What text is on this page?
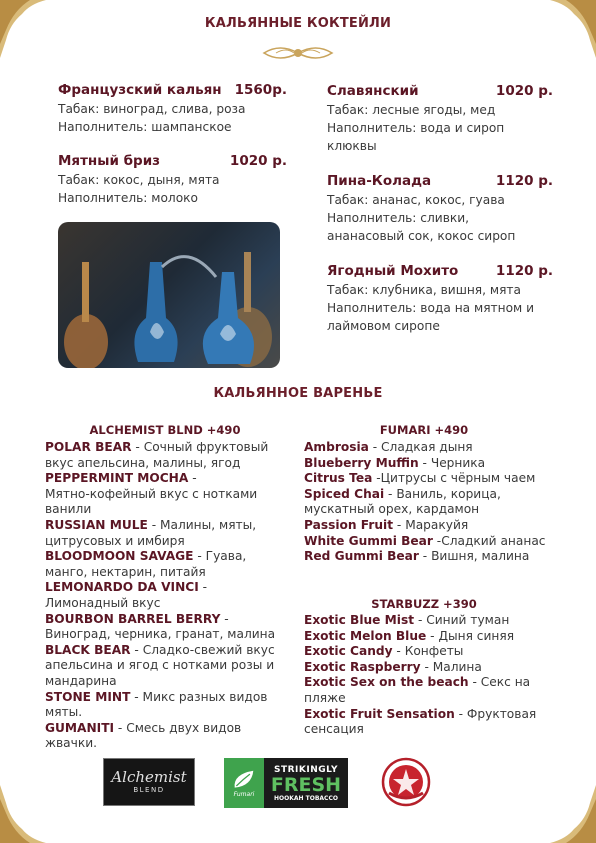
КАЛЬЯННЫЕ КОКТЕЙЛИ
Французский кальян 1560р.
Табак: виноград, слива, роза
Наполнитель: шампанское
Мятный бриз	1020 р.
Табак: кокос, дыня, мята
Наполнитель: молоко
Славянский	1020 р.
Табак: лесные ягоды, мед
Наполнитель: вода и сироп
клюквы
Пина-Колада	1120 р.
Табак: ананас, кокос, гуава
Наполнитель: сливки,
ананасовый сок, кокос сироп
Ягодный Мохито	1120 р.
Табак: клубника, вишня, мята
Наполнитель: вода на мятном и
лаймовом сиропе
КАЛЬЯННОЕ ВАРЕНЬЕ
ALCHEMIST BLND +490	FUMARI +490
STARBUZZ +390
POLAR BEAR - Сочный фруктовый
вкус апельсина, малины, ягод
PEPPERMINT MOCHA -
Мятно-кофейный вкус с нотками
ванили
RUSSIAN MULE - Малины, мяты,
цитрусовых и имбиря
BLOODMOON SAVAGE - Гуава,
манго, нектарин, питайя
LEMONARDO DA VINCI -
Лимонадный вкус
BOURBON BARREL BERRY -
Виноград, черника, гранат, малина
BLACK BEAR - Сладко-свежий вкус
апельсина и ягод с нотками розы и
мандарина
STONE MINT - Микс разных видов
мяты.
GUMANITI - Смесь двух видов
жвачки.
Ambrosia - Сладкая дыня
Blueberry Muffin - Черника
Citrus Tea -Цитрусы с чёрным чаем
Spiced Chai - Ваниль, корица,
мускатный орех, кардамон
Passion Fruit - Маракуйя
White Gummi Bear -Сладкий ананас
Red Gummi Bear - Вишня, малина
Exotic Blue Mist - Синий туман
Exotic Melon Blue - Дыня синяя
Exotic Candy - Конфеты
Exotic Raspberry - Малина
Exotic Sex on the beach - Секс на
пляже
Exotic Fruit Sensation - Фруктовая
сенсация
Alchemist
BLEND	Fumari
STRIKINGLY
FRESH
HOOKAH TOBACCO
